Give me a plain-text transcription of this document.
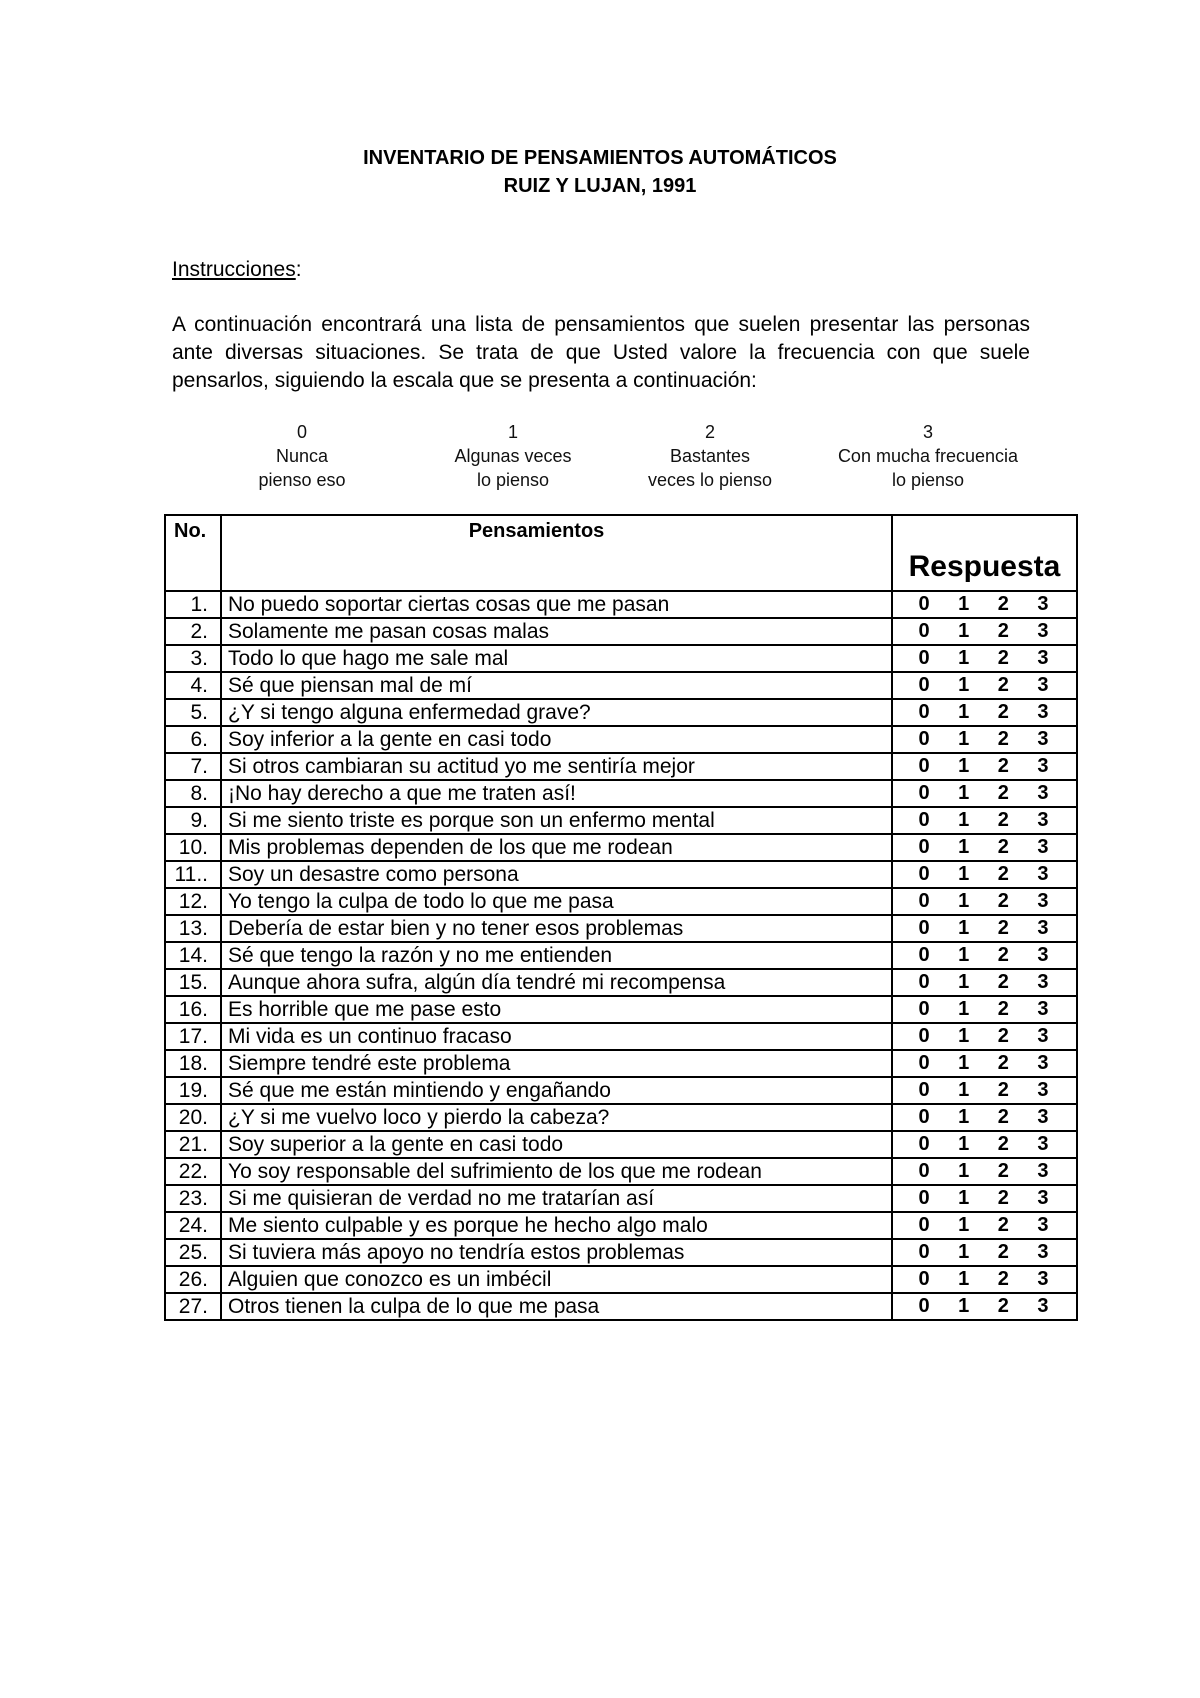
INVENTARIO DE PENSAMIENTOS AUTOMÁTICOS
RUIZ Y LUJAN, 1991
Instrucciones:
A continuación encontrará una lista de pensamientos que suelen presentar las personas ante diversas situaciones. Se trata de que Usted valore la frecuencia con que suele pensarlos, siguiendo la escala que se presenta a continuación:
0
Nunca
pienso eso
1
Algunas veces
lo pienso
2
Bastantes
veces lo pienso
3
Con mucha frecuencia
lo pienso
No.	Pensamientos	Respuesta
1.	No puedo soportar ciertas cosas que me pasan	0 1 2 3

2.	Solamente me pasan cosas malas	0 1 2 3

3.	Todo lo que hago me sale mal	0 1 2 3

4.	Sé que piensan mal de mí	0 1 2 3

5.	¿Y si tengo alguna enfermedad grave?	0 1 2 3

6.	Soy inferior a la gente en casi todo	0 1 2 3

7.	Si otros cambiaran su actitud yo me sentiría mejor	0 1 2 3

8.	¡No hay derecho a que me traten así!	0 1 2 3

9.	Si me siento triste es porque son un enfermo mental	0 1 2 3

10.	Mis problemas dependen de los que me rodean	0 1 2 3

11..	Soy un desastre como persona	0 1 2 3

12.	Yo tengo la culpa de todo lo que me pasa	0 1 2 3

13.	Debería de estar bien y no tener esos problemas	0 1 2 3

14.	Sé que tengo la razón y no me entienden	0 1 2 3

15.	Aunque ahora sufra, algún día tendré mi recompensa	0 1 2 3

16.	Es horrible que me pase esto	0 1 2 3

17.	Mi vida es un continuo fracaso	0 1 2 3

18.	Siempre tendré este problema	0 1 2 3

19.	Sé que me están mintiendo y engañando	0 1 2 3

20.	¿Y si me vuelvo loco y pierdo la cabeza?	0 1 2 3

21.	Soy superior a la gente en casi todo	0 1 2 3

22.	Yo soy responsable del sufrimiento de los que me rodean	0 1 2 3

23.	Si me quisieran de verdad no me tratarían así	0 1 2 3

24.	Me siento culpable y es porque he hecho algo malo	0 1 2 3

25.	Si tuviera más apoyo no tendría estos problemas	0 1 2 3

26.	Alguien que conozco es un imbécil	0 1 2 3

27.	Otros tienen la culpa de lo que me pasa	0 1 2 3
